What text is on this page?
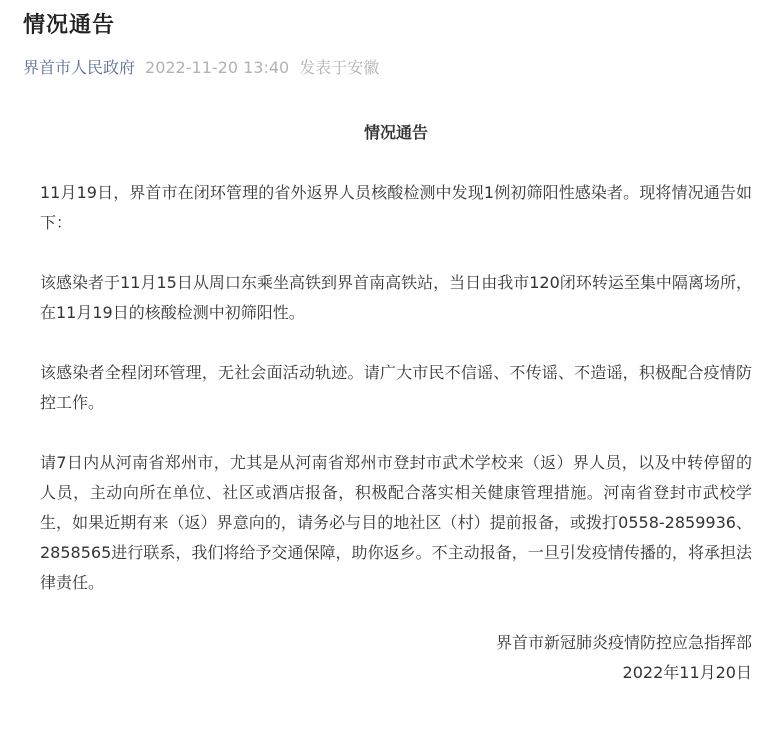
情况通告
界首市人民政府 2022-11-20 13:40 发表于安徽

情况通告

11月19日，界首市在闭环管理的省外返界人员核酸检测中发现1例初筛阳性感染者。现将情况通告如下：

该感染者于11月15日从周口东乘坐高铁到界首南高铁站，当日由我市120闭环转运至集中隔离场所，在11月19日的核酸检测中初筛阳性。

该感染者全程闭环管理，无社会面活动轨迹。请广大市民不信谣、不传谣、不造谣，积极配合疫情防控工作。

请7日内从河南省郑州市，尤其是从河南省郑州市登封市武术学校来（返）界人员，以及中转停留的人员，主动向所在单位、社区或酒店报备，积极配合落实相关健康管理措施。河南省登封市武校学生，如果近期有来（返）界意向的，请务必与目的地社区（村）提前报备，或拨打0558-2859936、2858565进行联系，我们将给予交通保障，助你返乡。不主动报备，一旦引发疫情传播的，将承担法律责任。

界首市新冠肺炎疫情防控应急指挥部

2022年11月20日
